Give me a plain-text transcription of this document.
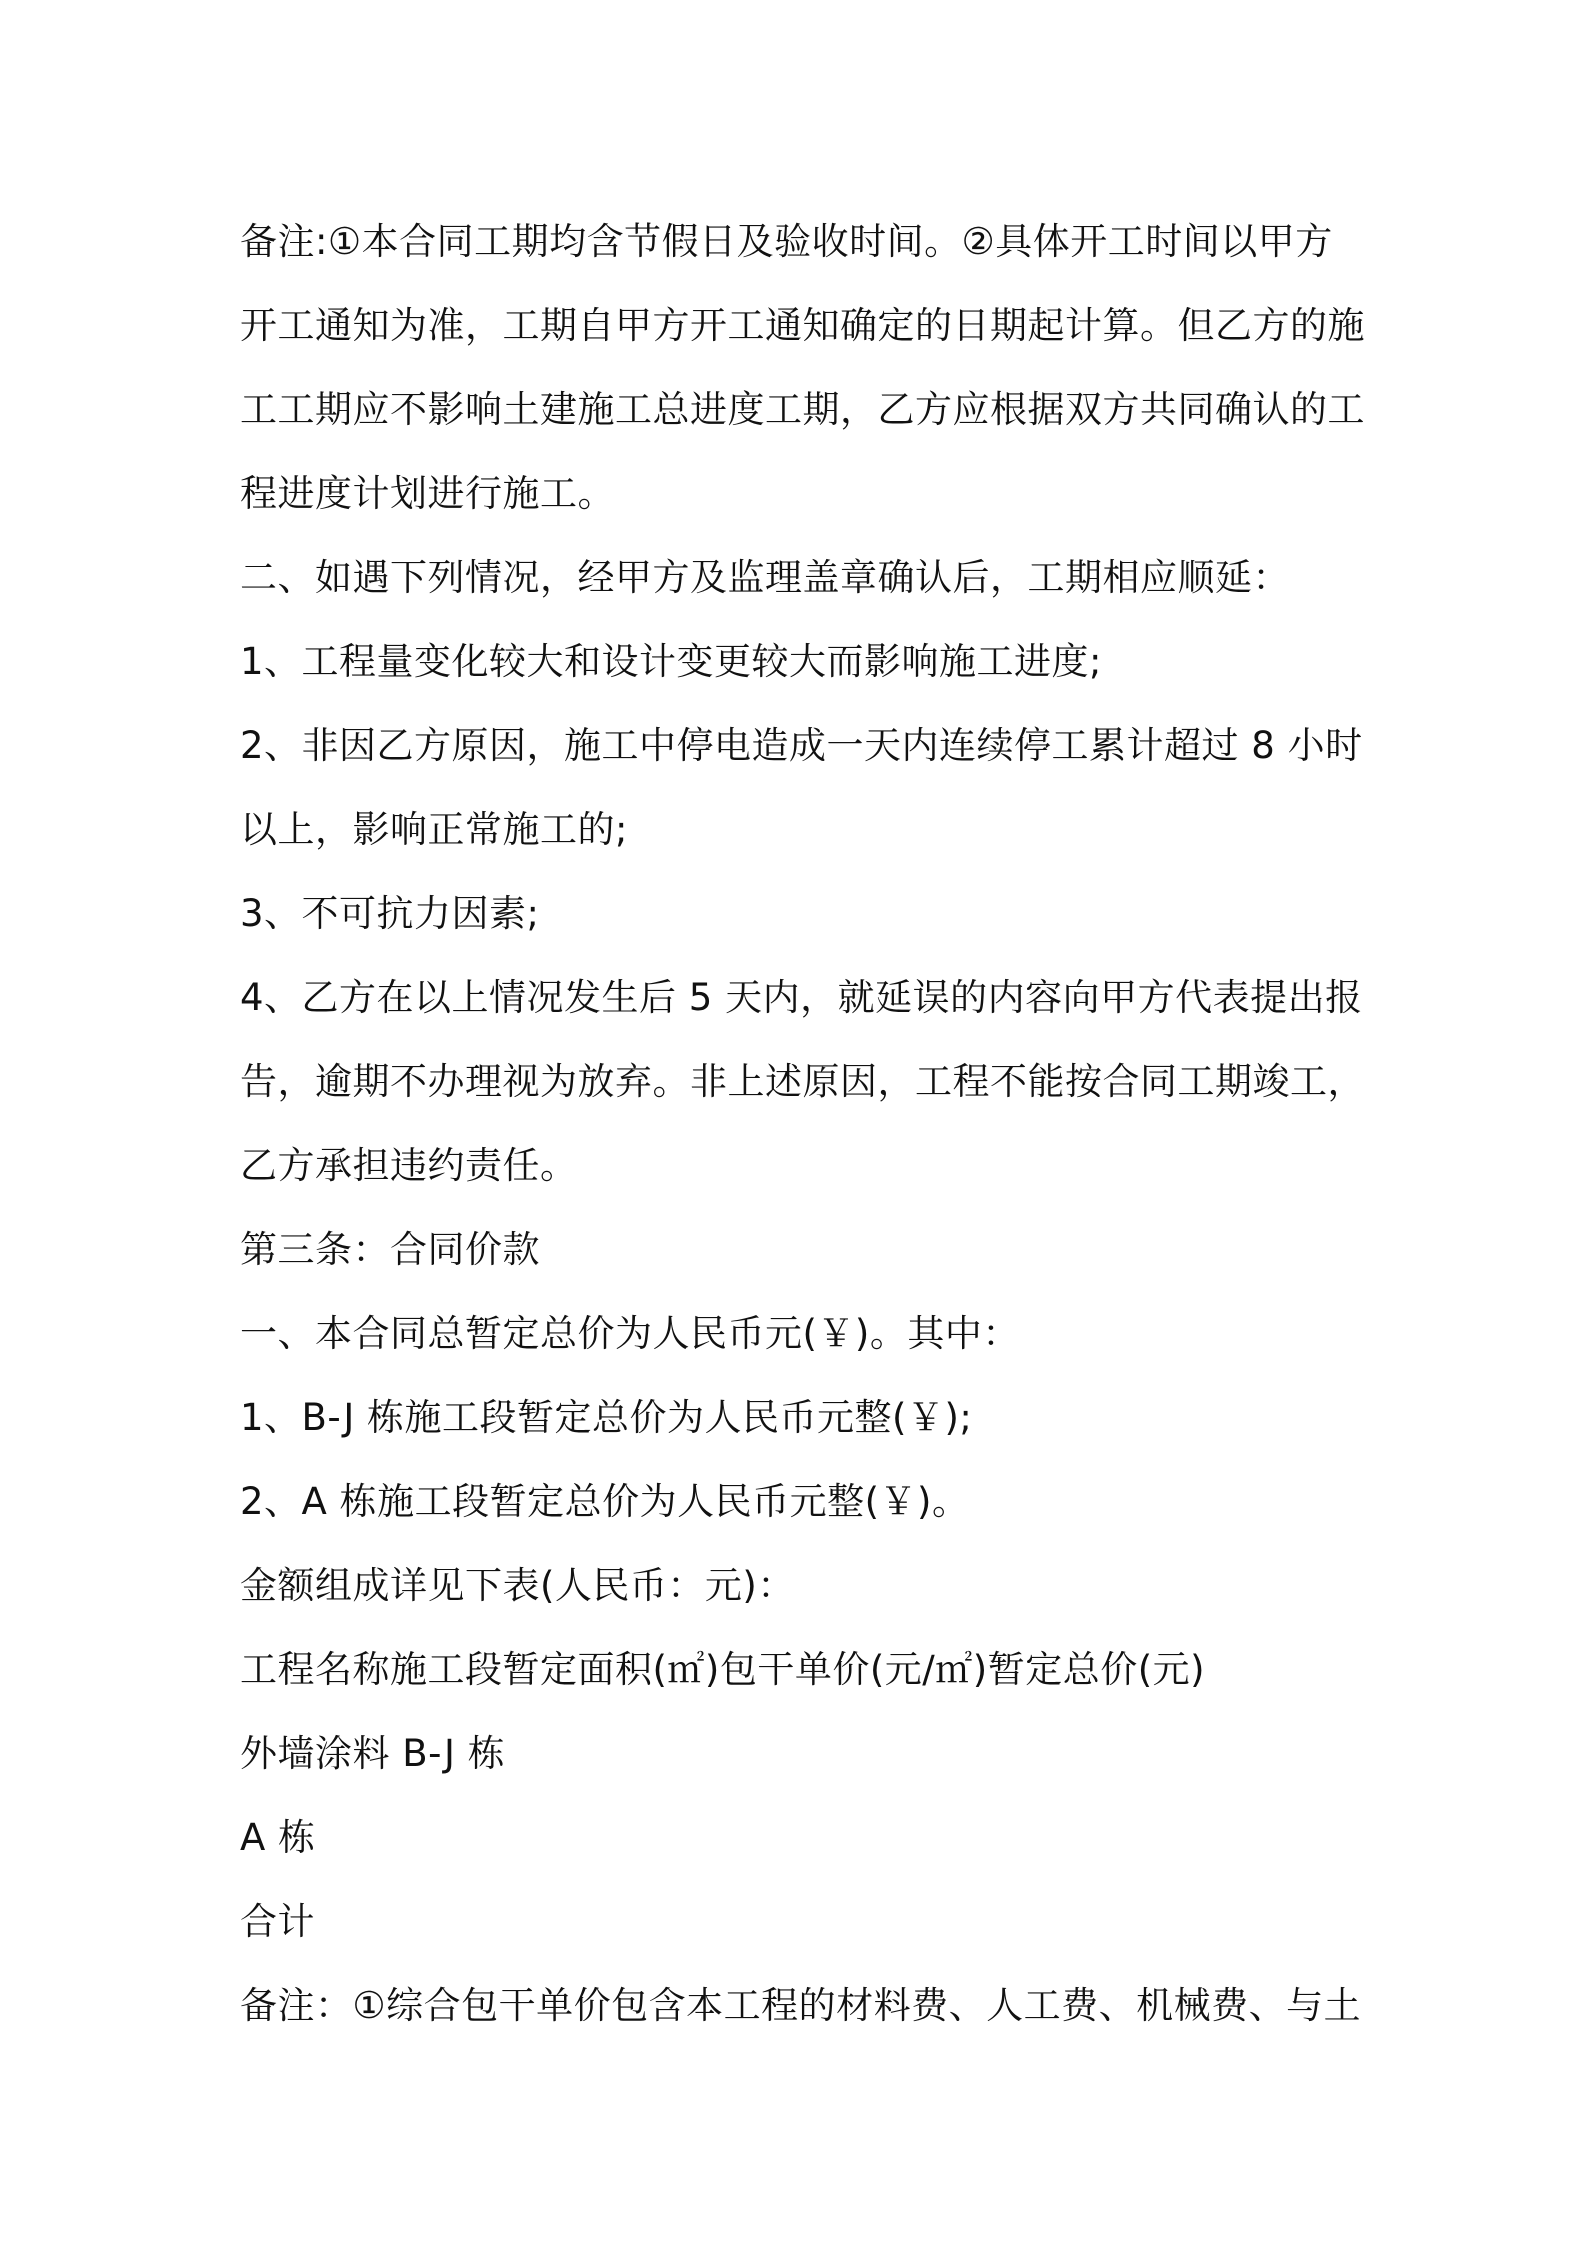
备注:①本合同工期均含节假日及验收时间。②具体开工时间以甲方
开工通知为准，工期自甲方开工通知确定的日期起计算。但乙方的施
工工期应不影响土建施工总进度工期，乙方应根据双方共同确认的工
程进度计划进行施工。
二、如遇下列情况，经甲方及监理盖章确认后，工期相应顺延：
1、工程量变化较大和设计变更较大而影响施工进度;
2、非因乙方原因，施工中停电造成一天内连续停工累计超过 8 小时
以上，影响正常施工的;
3、不可抗力因素;
4、乙方在以上情况发生后 5 天内，就延误的内容向甲方代表提出报
告，逾期不办理视为放弃。非上述原因，工程不能按合同工期竣工，
乙方承担违约责任。
第三条：合同价款
一、本合同总暂定总价为人民币元(￥)。其中：
1、B-J 栋施工段暂定总价为人民币元整(￥);
2、A 栋施工段暂定总价为人民币元整(￥)。
金额组成详见下表(人民币：元)：
工程名称施工段暂定面积(㎡)包干单价(元/㎡)暂定总价(元)
外墙涂料 B-J 栋
A 栋
合计
备注：①综合包干单价包含本工程的材料费、人工费、机械费、与土
